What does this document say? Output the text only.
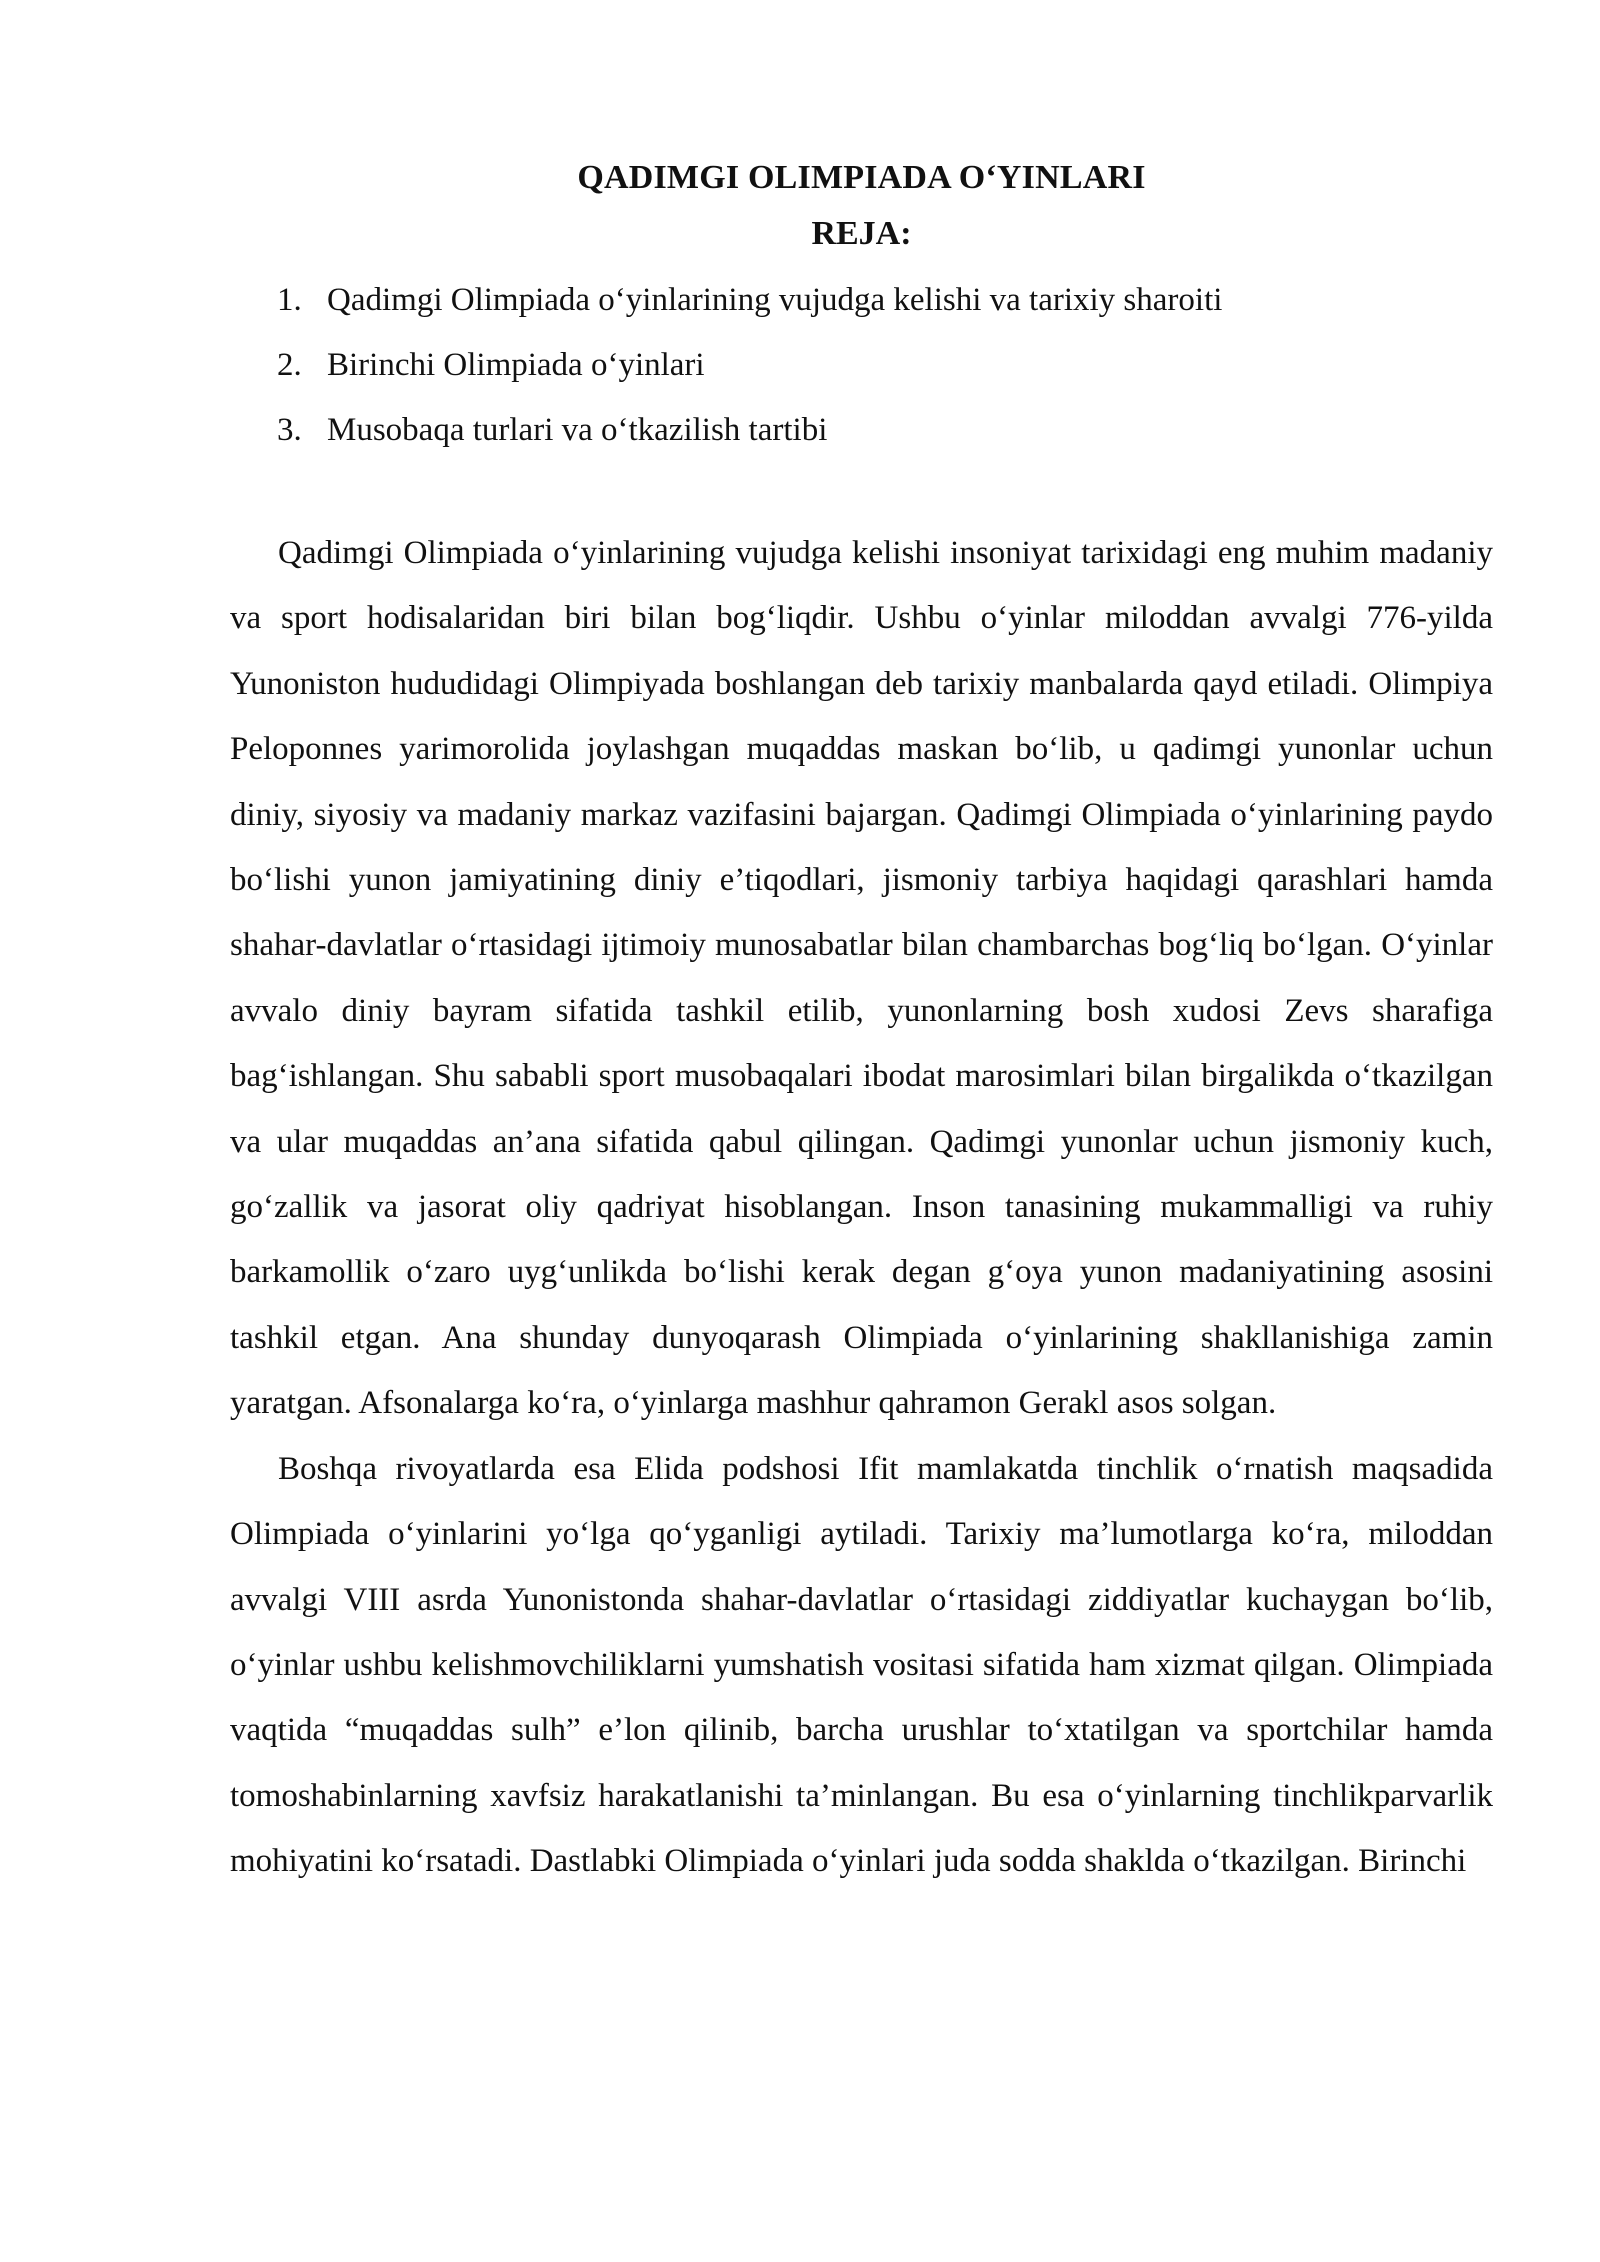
QADIMGI OLIMPIADA O‘YINLARI
REJA:
1. Qadimgi Olimpiada o‘yinlarining vujudga kelishi va tarixiy sharoiti
2. Birinchi Olimpiada o‘yinlari
3. Musobaqa turlari va o‘tkazilish tartibi

Qadimgi Olimpiada o‘yinlarining vujudga kelishi insoniyat tarixidagi eng muhim madaniy va sport hodisalaridan biri bilan bog‘liqdir. Ushbu o‘yinlar miloddan avvalgi 776-yilda Yunoniston hududidagi Olimpiyada boshlangan deb tarixiy manbalarda qayd etiladi. Olimpiya Peloponnes yarimorolida joylashgan muqaddas maskan bo‘lib, u qadimgi yunonlar uchun diniy, siyosiy va madaniy markaz vazifasini bajargan. Qadimgi Olimpiada o‘yinlarining paydo bo‘lishi yunon jamiyatining diniy e’tiqodlari, jismoniy tarbiya haqidagi qarashlari hamda shahar-davlatlar o‘rtasidagi ijtimoiy munosabatlar bilan chambarchas bog‘liq bo‘lgan. O‘yinlar avvalo diniy bayram sifatida tashkil etilib, yunonlarning bosh xudosi Zevs sharafiga bag‘ishlangan. Shu sababli sport musobaqalari ibodat marosimlari bilan birgalikda o‘tkazilgan va ular muqaddas an’ana sifatida qabul qilingan. Qadimgi yunonlar uchun jismoniy kuch, go‘zallik va jasorat oliy qadriyat hisoblangan. Inson tanasining mukammalligi va ruhiy barkamollik o‘zaro uyg‘unlikda bo‘lishi kerak degan g‘oya yunon madaniyatining asosini tashkil etgan. Ana shunday dunyoqarash Olimpiada o‘yinlarining shakllanishiga zamin yaratgan. Afsonalarga ko‘ra, o‘yinlarga mashhur qahramon Gerakl asos solgan.

Boshqa rivoyatlarda esa Elida podshosi Ifit mamlakatda tinchlik o‘rnatish maqsadida Olimpiada o‘yinlarini yo‘lga qo‘yganligi aytiladi. Tarixiy ma’lumotlarga ko‘ra, miloddan avvalgi VIII asrda Yunonistonda shahar-davlatlar o‘rtasidagi ziddiyatlar kuchaygan bo‘lib, o‘yinlar ushbu kelishmovchiliklarni yumshatish vositasi sifatida ham xizmat qilgan. Olimpiada vaqtida “muqaddas sulh” e’lon qilinib, barcha urushlar to‘xtatilgan va sportchilar hamda tomoshabinlarning xavfsiz harakatlanishi ta’minlangan. Bu esa o‘yinlarning tinchlikparvarlik mohiyatini ko‘rsatadi. Dastlabki Olimpiada o‘yinlari juda sodda shaklda o‘tkazilgan. Birinchi
